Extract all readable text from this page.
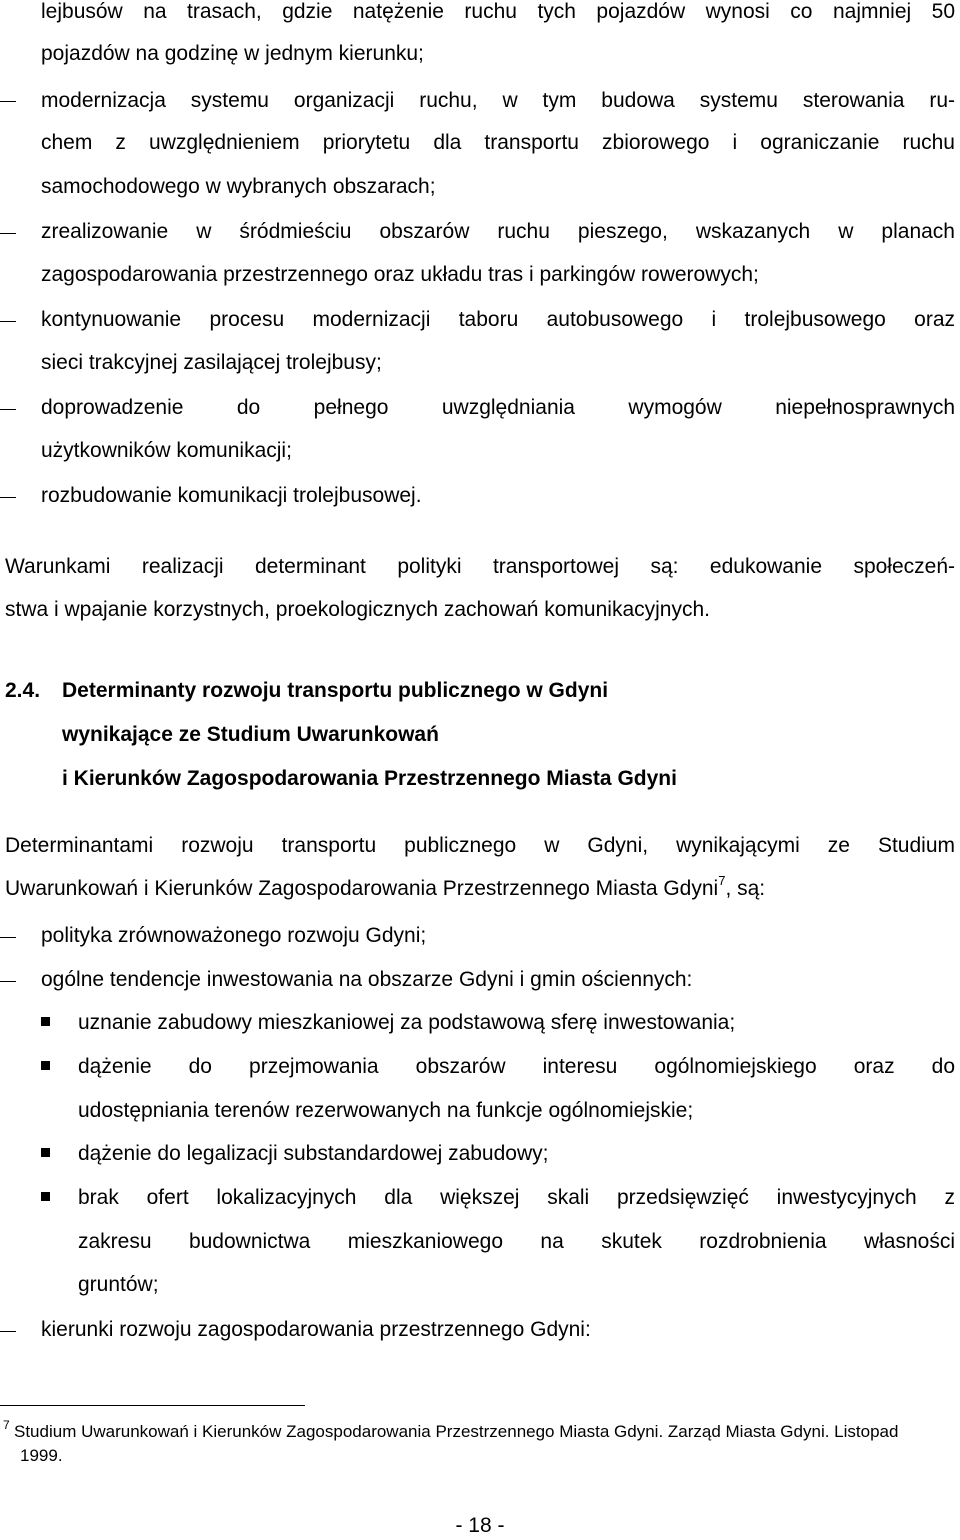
lejbusów na trasach, gdzie natężenie ruchu tych pojazdów wynosi co najmniej 50
pojazdów na godzinę w jednym kierunku;
modernizacja systemu organizacji ruchu, w tym budowa systemu sterowania ru-
chem z uwzględnieniem priorytetu dla transportu zbiorowego i ograniczanie ruchu
samochodowego w wybranych obszarach;
zrealizowanie w śródmieściu obszarów ruchu pieszego, wskazanych w planach
zagospodarowania przestrzennego oraz układu tras i parkingów rowerowych;
kontynuowanie procesu modernizacji taboru autobusowego i trolejbusowego oraz
sieci trakcyjnej zasilającej trolejbusy;
doprowadzenie do pełnego uwzględniania wymogów niepełnosprawnych
użytkowników komunikacji;
rozbudowanie komunikacji trolejbusowej.
Warunkami realizacji determinant polityki transportowej są: edukowanie społeczeń-
stwa i wpajanie korzystnych, proekologicznych zachowań komunikacyjnych.
2.4. Determinanty rozwoju transportu publicznego w Gdyni
wynikające ze Studium Uwarunkowań
i Kierunków Zagospodarowania Przestrzennego Miasta Gdyni
Determinantami rozwoju transportu publicznego w Gdyni, wynikającymi ze Studium
Uwarunkowań i Kierunków Zagospodarowania Przestrzennego Miasta Gdyni$^7$, są:
polityka zrównoważonego rozwoju Gdyni;
ogólne tendencje inwestowania na obszarze Gdyni i gmin ościennych:
uznanie zabudowy mieszkaniowej za podstawową sferę inwestowania;
dążenie do przejmowania obszarów interesu ogólnomiejskiego oraz do
udostępniania terenów rezerwowanych na funkcje ogólnomiejskie;
dążenie do legalizacji substandardowej zabudowy;
brak ofert lokalizacyjnych dla większej skali przedsięwzięć inwestycyjnych z
zakresu budownictwa mieszkaniowego na skutek rozdrobnienia własności
gruntów;
kierunki rozwoju zagospodarowania przestrzennego Gdyni:
7 Studium Uwarunkowań i Kierunków Zagospodarowania Przestrzennego Miasta Gdyni. Zarząd Miasta Gdyni. Listopad
1999.
- 18 -
